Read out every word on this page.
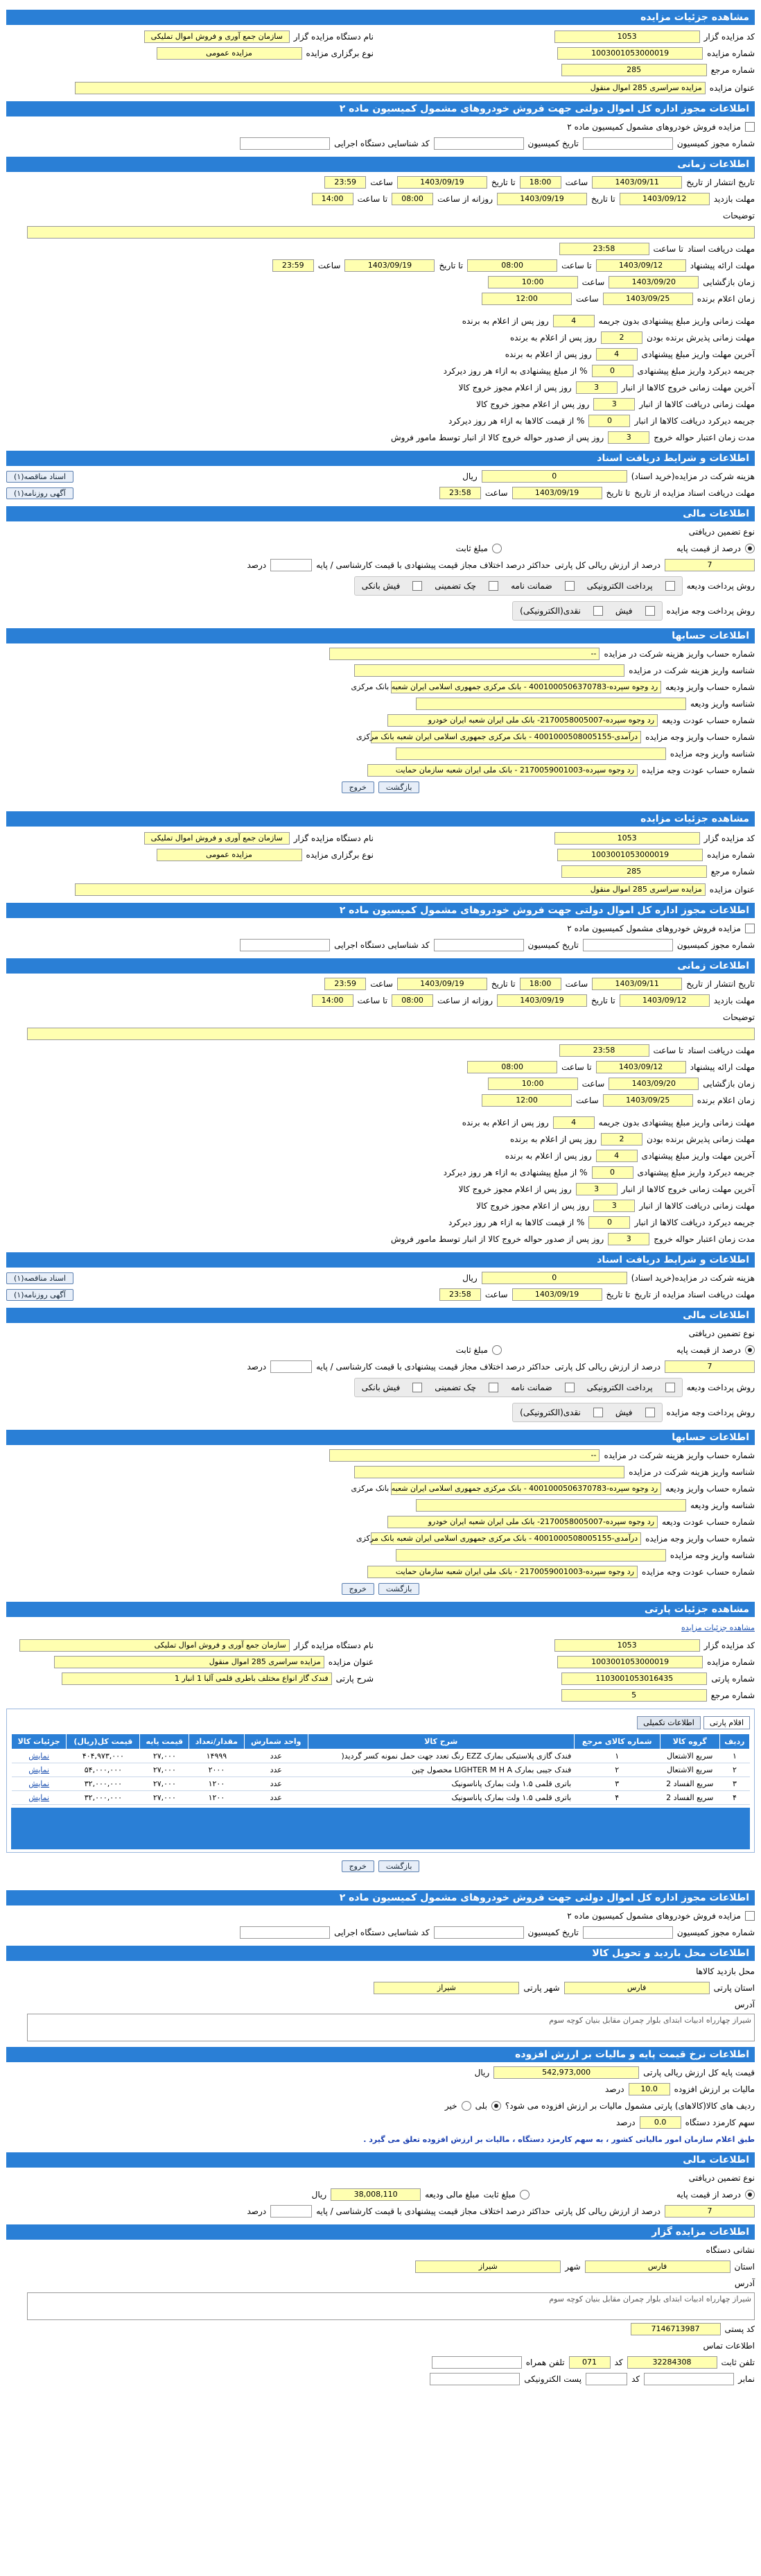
مشاهده جزئیات مزایده
کد مزایده گزار
1053
شماره مزایده
1003001053000019
شماره مرجع
285
نام دستگاه مزایده گزار
سازمان جمع آوری و فروش اموال تملیکی
نوع برگزاری مزایده
مزایده عمومی
عنوان مزایده
مزایده سراسری 285 اموال منقول
اطلاعات مجوز اداره کل اموال دولتی جهت فروش خودروهای مشمول کمیسیون ماده ۲
مزایده فروش خودروهای مشمول کمیسیون ماده ۲
شماره مجوز کمیسیون
تاریخ کمیسیون
کد شناسایی دستگاه اجرایی
اطلاعات زمانی
تاریخ انتشار از تاریخ
1403/09/11
ساعت
18:00
تا تاریخ
1403/09/19
ساعت
23:59
مهلت بازدید
1403/09/12
تا تاریخ
1403/09/19
روزانه از ساعت
08:00
تا ساعت
14:00
توضیحات
مهلت دریافت اسناد
تا ساعت
23:58
مهلت ارائه پیشنهاد
1403/09/12
تا ساعت
08:00
تا تاریخ
1403/09/19
ساعت
23:59
زمان بازگشایی
1403/09/20
ساعت
10:00
زمان اعلام برنده
1403/09/25
ساعت
12:00
مهلت زمانی واریز مبلغ پیشنهادی بدون جریمه
4
روز پس از اعلام به برنده
مهلت زمانی پذیرش برنده بودن
2
روز پس از اعلام به برنده
آخرین مهلت واریز مبلغ پیشنهادی
4
روز پس از اعلام به برنده
جریمه دیرکرد واریز مبلغ پیشنهادی
0
% از مبلغ پیشنهادی به ازاء هر روز دیرکرد
آخرین مهلت زمانی خروج کالاها از انبار
3
روز پس از اعلام مجوز خروج کالا
مهلت زمانی دریافت کالاها از انبار
3
روز پس از اعلام مجوز خروج کالا
جریمه دیرکرد دریافت کالاها از انبار
0
% از قیمت کالاها به ازاء هر روز دیرکرد
مدت زمان اعتبار حواله خروج
3
روز پس از صدور حواله خروج کالا از انبار توسط مامور فروش
اطلاعات و شرایط دریافت اسناد
هزینه شرکت در مزایده(خرید اسناد)
0
ریال
اسناد مناقصه(۱)
مهلت دریافت اسناد مزایده از تاریخ
تا تاریخ
1403/09/19
ساعت
23:58
آگهی روزنامه(۱)
اطلاعات مالی
نوع تضمین دریافتی
درصد از قیمت پایه
مبلغ ثابت
7
درصد از ارزش ریالی کل پارتی
حداکثر درصد اختلاف مجاز قیمت پیشنهادی با قیمت کارشناسی / پایه
درصد
روش پرداخت ودیعه
پرداخت الکترونیکی
ضمانت نامه
چک تضمینی
فیش بانکی
روش پرداخت وجه مزایده
فیش
نقدی(الکترونیکی)
اطلاعات حسابها
شماره حساب واریز هزینه شرکت در مزایده
--
شناسه واریز هزینه شرکت در مزایده
شماره حساب واریز ودیعه
رد وجوه سپرده-4001000506370783 - بانک مرکزی جمهوری اسلامی ایران شعبه بانک مرکزی
شناسه واریز ودیعه
شماره حساب عودت ودیعه
رد وجوه سپرده-2170058005007- بانک ملی ایران شعبه ایران خودرو
شماره حساب واریز وجه مزایده
درآمدی-4001000508005155 - بانک مرکزی جمهوری اسلامی ایران شعبه بانک مرکزی
شناسه واریز وجه مزایده
شماره حساب عودت وجه مزایده
رد وجوه سپرده-2170059001003 - بانک ملی ایران شعبه سازمان حمایت
بازگشت
خروج
مشاهده جزئیات مزایده
کد مزایده گزار
1053
شماره مزایده
1003001053000019
شماره مرجع
285
نام دستگاه مزایده گزار
سازمان جمع آوری و فروش اموال تملیکی
نوع برگزاری مزایده
مزایده عمومی
عنوان مزایده
مزایده سراسری 285 اموال منقول
اطلاعات مجوز اداره کل اموال دولتی جهت فروش خودروهای مشمول کمیسیون ماده ۲
مزایده فروش خودروهای مشمول کمیسیون ماده ۲
شماره مجوز کمیسیون
تاریخ کمیسیون
کد شناسایی دستگاه اجرایی
اطلاعات زمانی
تاریخ انتشار از تاریخ
1403/09/11
ساعت
18:00
تا تاریخ
1403/09/19
ساعت
23:59
مهلت بازدید
1403/09/12
تا تاریخ
1403/09/19
روزانه از ساعت
08:00
تا ساعت
14:00
توضیحات
مهلت دریافت اسناد
تا ساعت
23:58
مهلت ارائه پیشنهاد
1403/09/12
تا ساعت
08:00
زمان بازگشایی
1403/09/20
ساعت
10:00
زمان اعلام برنده
1403/09/25
ساعت
12:00
مهلت زمانی واریز مبلغ پیشنهادی بدون جریمه
4
روز پس از اعلام به برنده
مهلت زمانی پذیرش برنده بودن
2
روز پس از اعلام به برنده
آخرین مهلت واریز مبلغ پیشنهادی
4
روز پس از اعلام به برنده
جریمه دیرکرد واریز مبلغ پیشنهادی
0
% از مبلغ پیشنهادی به ازاء هر روز دیرکرد
آخرین مهلت زمانی خروج کالاها از انبار
3
روز پس از اعلام مجوز خروج کالا
مهلت زمانی دریافت کالاها از انبار
3
روز پس از اعلام مجوز خروج کالا
جریمه دیرکرد دریافت کالاها از انبار
0
% از قیمت کالاها به ازاء هر روز دیرکرد
مدت زمان اعتبار حواله خروج
3
روز پس از صدور حواله خروج کالا از انبار توسط مامور فروش
اطلاعات و شرایط دریافت اسناد
هزینه شرکت در مزایده(خرید اسناد)
0
ریال
اسناد مناقصه(۱)
مهلت دریافت اسناد مزایده از تاریخ
تا تاریخ
1403/09/19
ساعت
23:58
آگهی روزنامه(۱)
اطلاعات مالی
نوع تضمین دریافتی
درصد از قیمت پایه
مبلغ ثابت
7
درصد از ارزش ریالی کل پارتی
حداکثر درصد اختلاف مجاز قیمت پیشنهادی با قیمت کارشناسی / پایه
درصد
روش پرداخت ودیعه
پرداخت الکترونیکی
ضمانت نامه
چک تضمینی
فیش بانکی
روش پرداخت وجه مزایده
فیش
نقدی(الکترونیکی)
اطلاعات حسابها
شماره حساب واریز هزینه شرکت در مزایده
--
شناسه واریز هزینه شرکت در مزایده
شماره حساب واریز ودیعه
رد وجوه سپرده-4001000506370783 - بانک مرکزی جمهوری اسلامی ایران شعبه بانک مرکزی
شناسه واریز ودیعه
شماره حساب عودت ودیعه
رد وجوه سپرده-2170058005007- بانک ملی ایران شعبه ایران خودرو
شماره حساب واریز وجه مزایده
درآمدی-4001000508005155 - بانک مرکزی جمهوری اسلامی ایران شعبه بانک مرکزی
شناسه واریز وجه مزایده
شماره حساب عودت وجه مزایده
رد وجوه سپرده-2170059001003 - بانک ملی ایران شعبه سازمان حمایت
بازگشت
خروج
مشاهده جزئیات پارتی
مشاهده جزئیات مزایده
کد مزایده گزار
1053
شماره مزایده
1003001053000019
شماره پارتی
1103001053016435
شماره مرجع
5
نام دستگاه مزایده گزار
سازمان جمع آوری و فروش اموال تملیکی
عنوان مزایده
مزایده سراسری 285 اموال منقول
شرح پارتی
فندک گاز انواع مختلف باطری قلمی آلبا 1 انبار 1
اقلام پارتی
اطلاعات تکمیلی
ردیف	گروه کالا	شماره کالای مرجع	شرح کالا	واحد شمارش	مقدار/تعداد	قیمت پایه	قیمت کل(ریال)	جزئیات کالا
۱	سریع الاشتعال	۱	فندک گازی پلاستیکی بمارک EZZ رنگ تعدد جهت حمل نمونه کسر گردید(	عدد	۱۴۹۹۹	۲۷,۰۰۰	۴۰۴,۹۷۳,۰۰۰	نمایش
۲	سریع الاشتعال	۲	فندک جیبی بمارک LIGHTER M H A محصول چین	عدد	۲۰۰۰	۲۷,۰۰۰	۵۴,۰۰۰,۰۰۰	نمایش
۳	سریع الفساد 2	۳	باتری قلمی ۱.۵ ولت بمارک پاناسونیک	عدد	۱۲۰۰	۲۷,۰۰۰	۳۲,۰۰۰,۰۰۰	نمایش
۴	سریع الفساد 2	۴	باتری قلمی ۱.۵ ولت بمارک پاناسونیک	عدد	۱۲۰۰	۲۷,۰۰۰	۳۲,۰۰۰,۰۰۰	نمایش
بازگشت
خروج
اطلاعات مجوز اداره کل اموال دولتی جهت فروش خودروهای مشمول کمیسیون ماده ۲
مزایده فروش خودروهای مشمول کمیسیون ماده ۲
شماره مجوز کمیسیون
تاریخ کمیسیون
کد شناسایی دستگاه اجرایی
اطلاعات محل بازدید و تحویل کالا
محل بازدید کالاها
استان پارتی
فارس
شهر پارتی
شیراز
آدرس
شیراز چهارراه ادبیات ابتدای بلوار چمران مقابل بنیان کوچه سوم
اطلاعات نرخ قیمت پایه و مالیات بر ارزش افزوده
قیمت پایه کل ارزش ریالی پارتی
542,973,000
ریال
مالیات بر ارزش افزوده
10.0
درصد
ردیف های کالا(کالاهای) پارتی مشمول مالیات بر ارزش افزوده می شود؟
بلی
خیر
سهم کارمزد دستگاه
0.0
درصد
طبق اعلام سازمان امور مالیاتی کشور ، به سهم کارمزد دستگاه ، مالیات بر ارزش افزوده تعلق می گیرد .
اطلاعات مالی
نوع تضمین دریافتی
درصد از قیمت پایه
مبلغ ثابت
مبلغ مالی ودیعه
38,008,110
ریال
7
درصد از ارزش ریالی کل پارتی
حداکثر درصد اختلاف مجاز قیمت پیشنهادی با قیمت کارشناسی / پایه
درصد
اطلاعات مزایده گزار
نشانی دستگاه
استان
فارس
شهر
شیراز
آدرس
شیراز چهارراه ادبیات ابتدای بلوار چمران مقابل بنیان کوچه سوم
کد پستی
7146713987
اطلاعات تماس
تلفن ثابت
32284308
کد
071
تلفن همراه
نمابر
کد
پست الکترونیکی
